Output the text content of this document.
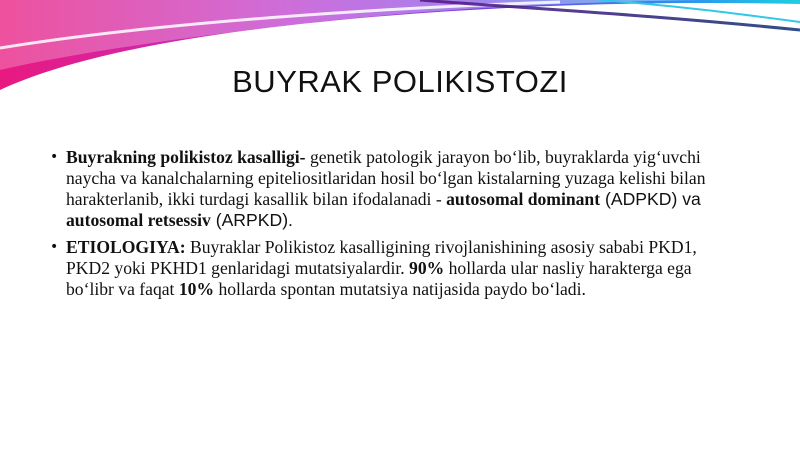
BUYRAK POLIKISTOZI
• Buyrakning polikistoz kasalligi- genetik patologik jarayon bo‘lib, buyraklarda yig‘uvchi naycha va kanalchalarning epiteliositlaridan hosil bo‘lgan kistalarning yuzaga kelishi bilan harakterlanib, ikki turdagi kasallik bilan ifodalanadi - autosomal dominant (ADPKD) va autosomal retsessiv (ARPKD).
• ETIOLOGIYA: Buyraklar Polikistoz kasalligining rivojlanishining asosiy sababi PKD1, PKD2 yoki PKHD1 genlaridagi mutatsiyalardir. 90% hollarda ular nasliy harakterga ega bo‘libr va faqat 10% hollarda spontan mutatsiya natijasida paydo bo‘ladi.
